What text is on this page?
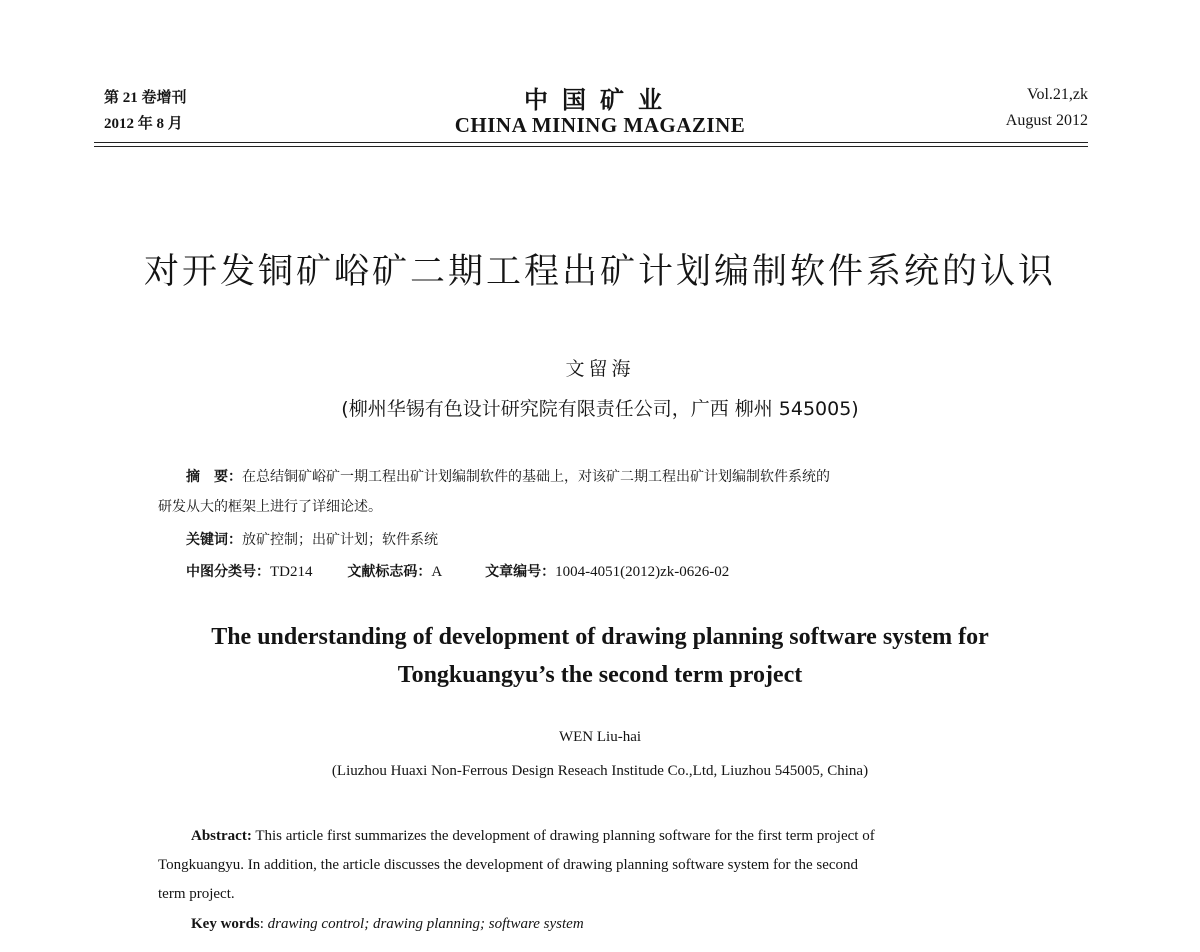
第 21 卷增刊
2012 年 8 月
中国矿业
CHINA MINING MAGAZINE
Vol.21,zk
August 2012
对开发铜矿峪矿二期工程出矿计划编制软件系统的认识
文留海
(柳州华锡有色设计研究院有限责任公司，广西 柳州 545005)
摘　要：在总结铜矿峪矿一期工程出矿计划编制软件的基础上，对该矿二期工程出矿计划编制软件系统的
研发从大的框架上进行了详细论述。
关键词：放矿控制；出矿计划；软件系统
中图分类号：TD214 文献标志码：A	文章编号：1004-4051(2012)zk-0626-02
The understanding of development of drawing planning software system for
Tongkuangyu’s the second term project
WEN Liu-hai
(Liuzhou Huaxi Non-Ferrous Design Reseach Institude Co.,Ltd, Liuzhou 545005, China)
Abstract: This article first summarizes the development of drawing planning software for the first term project of
Tongkuangyu. In addition, the article discusses the development of drawing planning software system for the second
term project.
Key words: drawing control; drawing planning; software system
